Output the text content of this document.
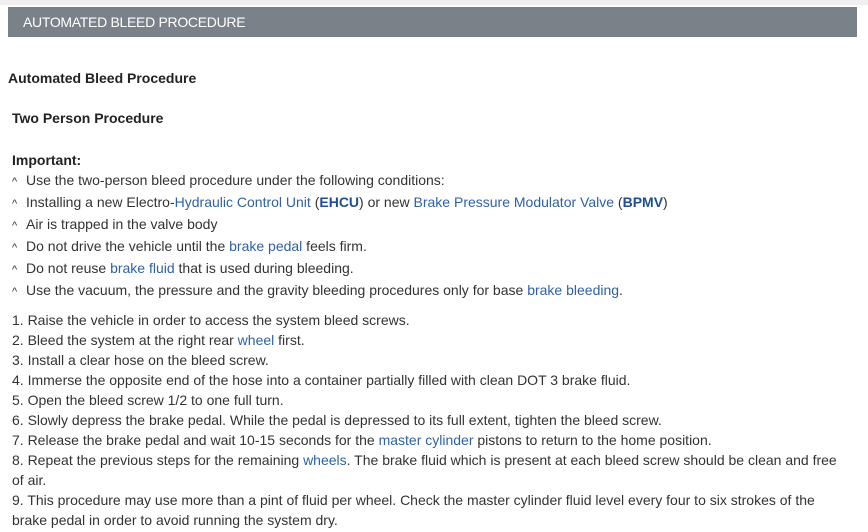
AUTOMATED BLEED PROCEDURE
Automated Bleed Procedure
Two Person Procedure
Important:
^ Use the two-person bleed procedure under the following conditions:
^ Installing a new Electro-Hydraulic Control Unit (EHCU) or new Brake Pressure Modulator Valve (BPMV)
^ Air is trapped in the valve body
^ Do not drive the vehicle until the brake pedal feels firm.
^ Do not reuse brake fluid that is used during bleeding.
^ Use the vacuum, the pressure and the gravity bleeding procedures only for base brake bleeding.
1. Raise the vehicle in order to access the system bleed screws.
2. Bleed the system at the right rear wheel first.
3. Install a clear hose on the bleed screw.
4. Immerse the opposite end of the hose into a container partially filled with clean DOT 3 brake fluid.
5. Open the bleed screw 1/2 to one full turn.
6. Slowly depress the brake pedal. While the pedal is depressed to its full extent, tighten the bleed screw.
7. Release the brake pedal and wait 10-15 seconds for the master cylinder pistons to return to the home position.
8. Repeat the previous steps for the remaining wheels. The brake fluid which is present at each bleed screw should be clean and free of air.
9. This procedure may use more than a pint of fluid per wheel. Check the master cylinder fluid level every four to six strokes of the brake pedal in order to avoid running the system dry.
